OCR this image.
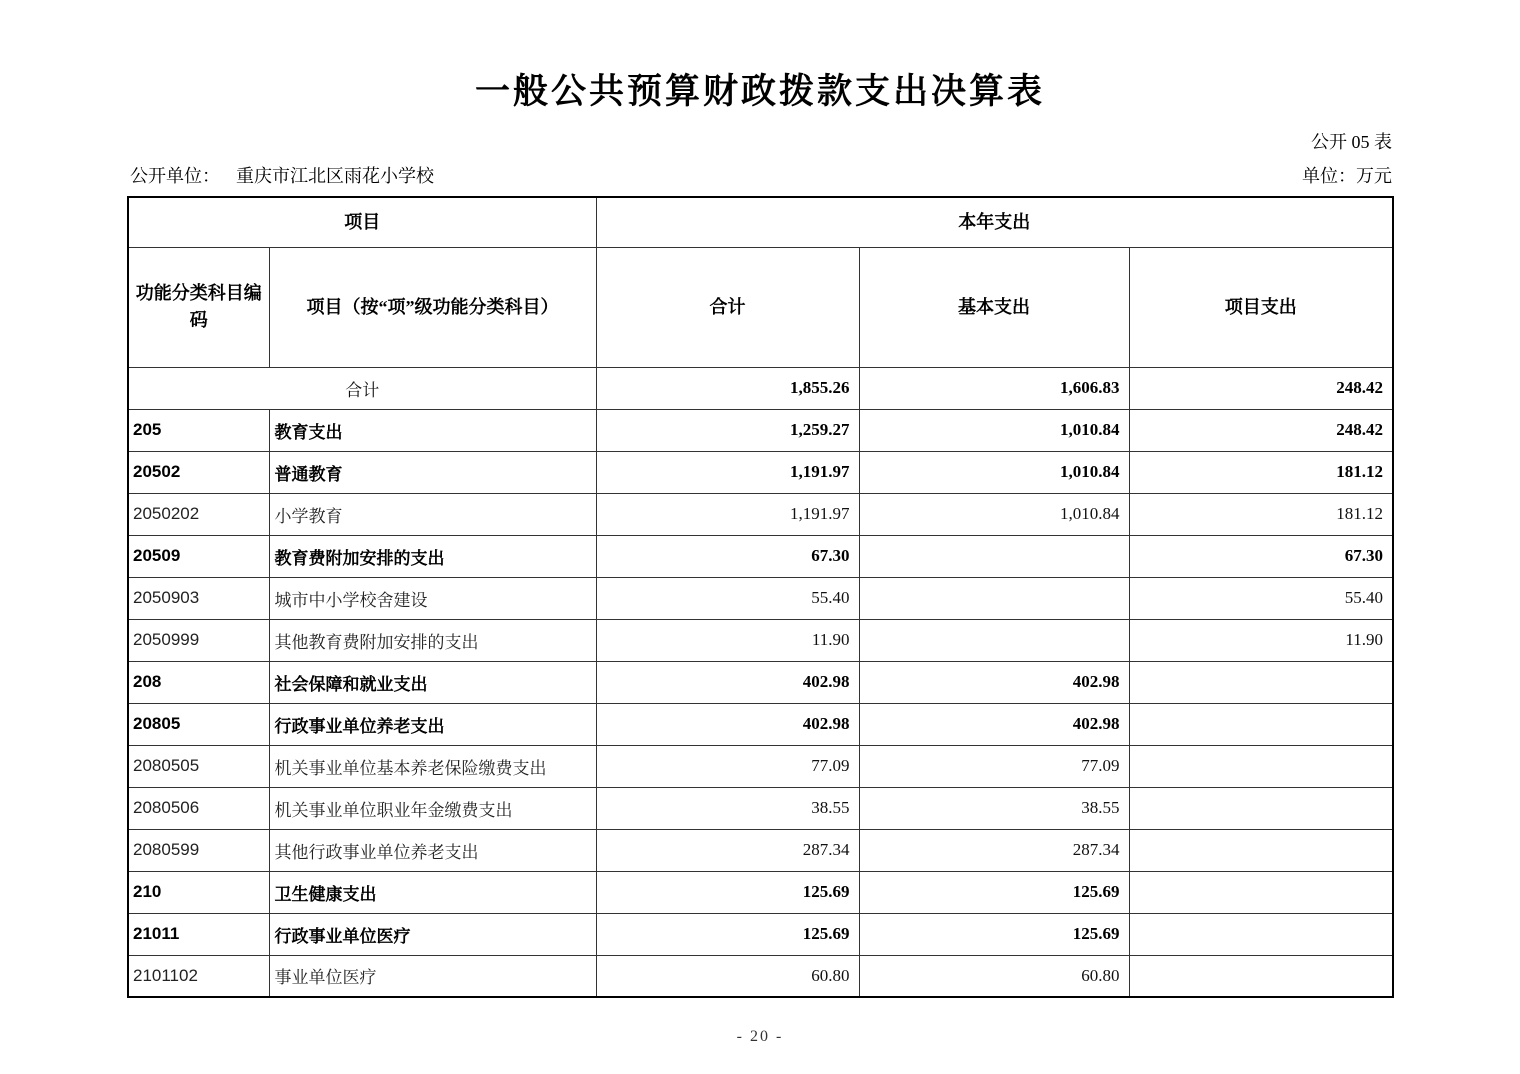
一般公共预算财政拨款支出决算表
公开 05 表
公开单位： 重庆市江北区雨花小学校	单位：万元
项目		本年支出		
功能分类科目编码	项目（按“项”级功能分类科目）	合计	基本支出	项目支出
合计		1,855.26	1,606.83	248.42
205	教育支出	1,259.27	1,010.84	248.42
20502	普通教育	1,191.97	1,010.84	181.12
2050202	小学教育	1,191.97	1,010.84	181.12
20509	教育费附加安排的支出	67.30		67.30
2050903	城市中小学校舍建设	55.40		55.40
2050999	其他教育费附加安排的支出	11.90		11.90
208	社会保障和就业支出	402.98	402.98	
20805	行政事业单位养老支出	402.98	402.98	
2080505	机关事业单位基本养老保险缴费支出	77.09	77.09	
2080506	机关事业单位职业年金缴费支出	38.55	38.55	
2080599	其他行政事业单位养老支出	287.34	287.34	
210	卫生健康支出	125.69	125.69	
21011	行政事业单位医疗	125.69	125.69	
2101102	事业单位医疗	60.80	60.80	
- 20 -
